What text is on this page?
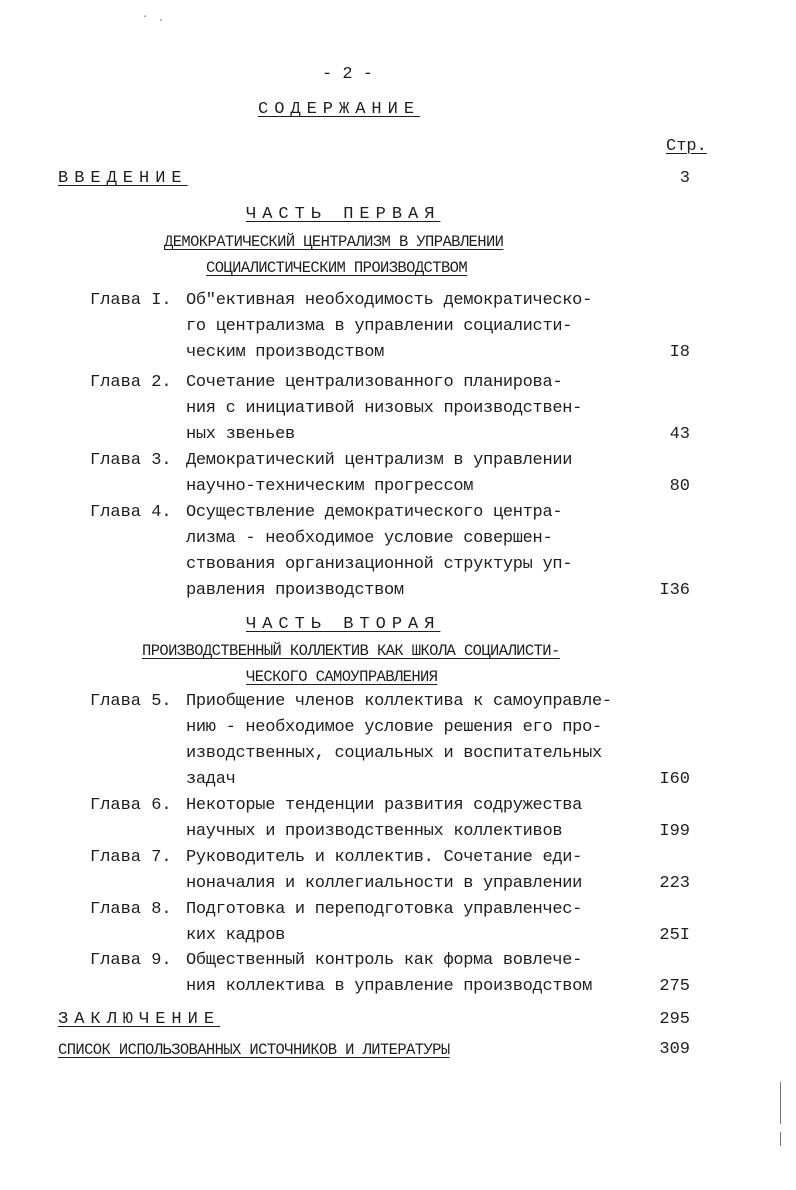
· ·
- 2 -
СОДЕРЖАНИЕ
Стр.
ВВЕДЕНИЕ	3
ЧАСТЬ ПЕРВАЯ
ДЕМОКРАТИЧЕСКИЙ ЦЕНТРАЛИЗМ В УПРАВЛЕНИИ
СОЦИАЛИСТИЧЕСКИМ ПРОИЗВОДСТВОМ
Глава I. Об"ективная необходимость демократическо-
го централизма в управлении социалисти-
ческим производством	I8
Глава 2. Сочетание централизованного планирова-
ния с инициативой низовых производствен-
ных звеньев	43
Глава 3. Демократический централизм в управлении
научно-техническим прогрессом	80
Глава 4. Осуществление демократического центра-
лизма - необходимое условие совершен-
ствования организационной структуры уп-
равления производством	I36
ЧАСТЬ ВТОРАЯ
ПРОИЗВОДСТВЕННЫЙ КОЛЛЕКТИВ КАК ШКОЛА СОЦИАЛИСТИ-
ЧЕСКОГО САМОУПРАВЛЕНИЯ
Глава 5. Приобщение членов коллектива к самоуправле-
нию - необходимое условие решения его про-
изводственных, социальных и воспитательных
задач	I60
Глава 6. Некоторые тенденции развития содружества
научных и производственных коллективов	I99
Глава 7. Руководитель и коллектив. Сочетание еди-
ноначалия и коллегиальности в управлении	223
Глава 8. Подготовка и переподготовка управленчес-
ких кадров	25I
Глава 9. Общественный контроль как форма вовлече-
ния коллектива в управление производством	275
ЗАКЛЮЧЕНИЕ	295
СПИСОК ИСПОЛЬЗОВАННЫХ ИСТОЧНИКОВ И ЛИТЕРАТУРЫ	309
